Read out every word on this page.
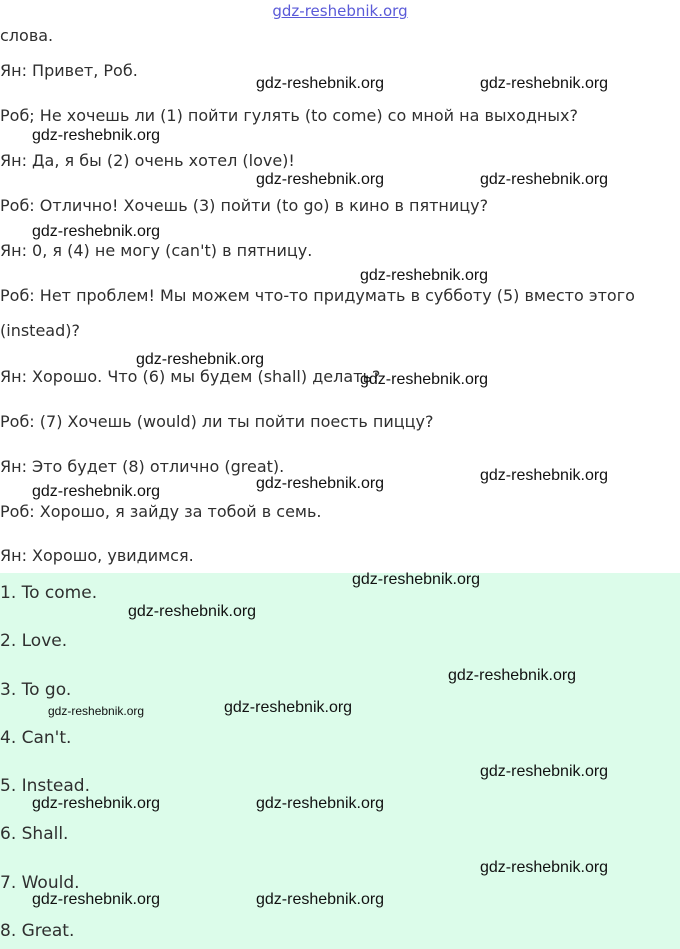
gdz-reshebnik.org
слова.
Ян: Привет, Роб.
Роб; Не хочешь ли (1) пойти гулять (to come) со мной на выходных?
Ян: Да, я бы (2) очень хотел (love)!
Роб: Отлично! Хочешь (3) пойти (to go) в кино в пятницу?
Ян: 0, я (4) не могу (can't) в пятницу.
Роб: Нет проблем! Мы можем что-то придумать в субботу (5) вместо этого
(instead)?
Ян: Хорошо. Что (6) мы будем (shall) делать?
Роб: (7) Хочешь (would) ли ты пойти поесть пиццу?
Ян: Это будет (8) отлично (great).
Роб: Хорошо, я зайду за тобой в семь.
Ян: Хорошо, увидимся.
1. To come.
2. Love.
3. To go.
4. Can't.
5. Instead.
6. Shall.
7. Would.
8. Great.
gdz-reshebnik.org	gdz-reshebnik.org
gdz-reshebnik.org
gdz-reshebnik.org	gdz-reshebnik.org
gdz-reshebnik.org
gdz-reshebnik.org
gdz-reshebnik.org
gdz-reshebnik.org
gdz-reshebnik.org
gdz-reshebnik.org
gdz-reshebnik.org
gdz-reshebnik.org
gdz-reshebnik.org
gdz-reshebnik.org
gdz-reshebnik.org	gdz-reshebnik.org
gdz-reshebnik.org
gdz-reshebnik.org	gdz-reshebnik.org
gdz-reshebnik.org
gdz-reshebnik.org	gdz-reshebnik.org
